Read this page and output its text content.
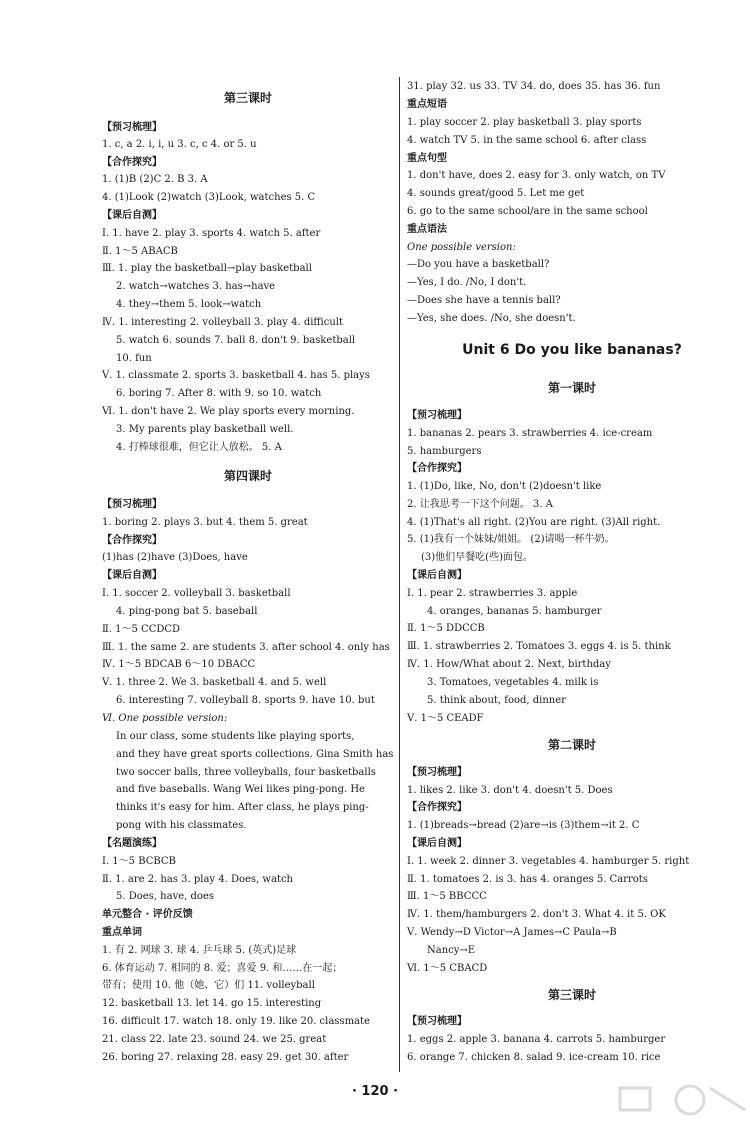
第三课时
【预习梳理】
1. c, a 2. i, i, u 3. c, c 4. or 5. u
【合作探究】
1. (1)B (2)C 2. B 3. A
4. (1)Look (2)watch (3)Look, watches 5. C
【课后自测】
Ⅰ. 1. have 2. play 3. sports 4. watch 5. after
Ⅱ. 1～5 ABACB
Ⅲ. 1. play the basketball→play basketball
2. watch→watches 3. has→have
4. they→them 5. look→watch
Ⅳ. 1. interesting 2. volleyball 3. play 4. difficult
5. watch 6. sounds 7. ball 8. don't 9. basketball
10. fun
Ⅴ. 1. classmate 2. sports 3. basketball 4. has 5. plays
6. boring 7. After 8. with 9. so 10. watch
Ⅵ. 1. don't have 2. We play sports every morning.
3. My parents play basketball well.
4. 打棒球很难，但它让人放松。 5. A
第四课时
【预习梳理】
1. boring 2. plays 3. but 4. them 5. great
【合作探究】
(1)has (2)have (3)Does, have
【课后自测】
Ⅰ. 1. soccer 2. volleyball 3. basketball
4. ping-pong bat 5. baseball
Ⅱ. 1～5 CCDCD
Ⅲ. 1. the same 2. are students 3. after school 4. only has
Ⅳ. 1～5 BDCAB 6～10 DBACC
Ⅴ. 1. three 2. We 3. basketball 4. and 5. well
6. interesting 7. volleyball 8. sports 9. have 10. but
Ⅵ. One possible version:
In our class, some students like playing sports,
and they have great sports collections. Gina Smith has
two soccer balls, three volleyballs, four basketballs
and five baseballs. Wang Wei likes ping-pong. He
thinks it's easy for him. After class, he plays ping-
pong with his classmates.
【名题演练】
Ⅰ. 1～5 BCBCB
Ⅱ. 1. are 2. has 3. play 4. Does, watch
5. Does, have, does
单元整合 · 评价反馈
重点单词
1. 有 2. 网球 3. 球 4. 乒乓球 5. (英式)足球
6. 体育运动 7. 相同的 8. 爱；喜爱 9. 和……在一起；
带有；使用 10. 他（她、它）们 11. volleyball
12. basketball 13. let 14. go 15. interesting
16. difficult 17. watch 18. only 19. like 20. classmate
21. class 22. late 23. sound 24. we 25. great
26. boring 27. relaxing 28. easy 29. get 30. after
31. play 32. us 33. TV 34. do, does 35. has 36. fun
重点短语
1. play soccer 2. play basketball 3. play sports
4. watch TV 5. in the same school 6. after class
重点句型
1. don't have, does 2. easy for 3. only watch, on TV
4. sounds great/good 5. Let me get
6. go to the same school/are in the same school
重点语法
One possible version:
—Do you have a basketball?
—Yes, I do. /No, I don't.
—Does she have a tennis ball?
—Yes, she does. /No, she doesn't.
Unit 6 Do you like bananas?
第一课时
【预习梳理】
1. bananas 2. pears 3. strawberries 4. ice-cream
5. hamburgers
【合作探究】
1. (1)Do, like, No, don't (2)doesn't like
2. 让我思考一下这个问题。 3. A
4. (1)That's all right. (2)You are right. (3)All right.
5. (1)我有一个妹妹/姐姐。 (2)请喝一杯牛奶。
(3)他们早餐吃(些)面包。
【课后自测】
Ⅰ. 1. pear 2. strawberries 3. apple
4. oranges, bananas 5. hamburger
Ⅱ. 1～5 DDCCB
Ⅲ. 1. strawberries 2. Tomatoes 3. eggs 4. is 5. think
Ⅳ. 1. How/What about 2. Next, birthday
3. Tomatoes, vegetables 4. milk is
5. think about, food, dinner
Ⅴ. 1～5 CEADF
第二课时
【预习梳理】
1. likes 2. like 3. don't 4. doesn't 5. Does
【合作探究】
1. (1)breads→bread (2)are→is (3)them→it 2. C
【课后自测】
Ⅰ. 1. week 2. dinner 3. vegetables 4. hamburger 5. right
Ⅱ. 1. tomatoes 2. is 3. has 4. oranges 5. Carrots
Ⅲ. 1～5 BBCCC
Ⅳ. 1. them/hamburgers 2. don't 3. What 4. it 5. OK
Ⅴ. Wendy→D Victor→A James→C Paula→B
Nancy→E
Ⅵ. 1～5 CBACD
第三课时
【预习梳理】
1. eggs 2. apple 3. banana 4. carrots 5. hamburger
6. orange 7. chicken 8. salad 9. ice-cream 10. rice
· 120 ·
